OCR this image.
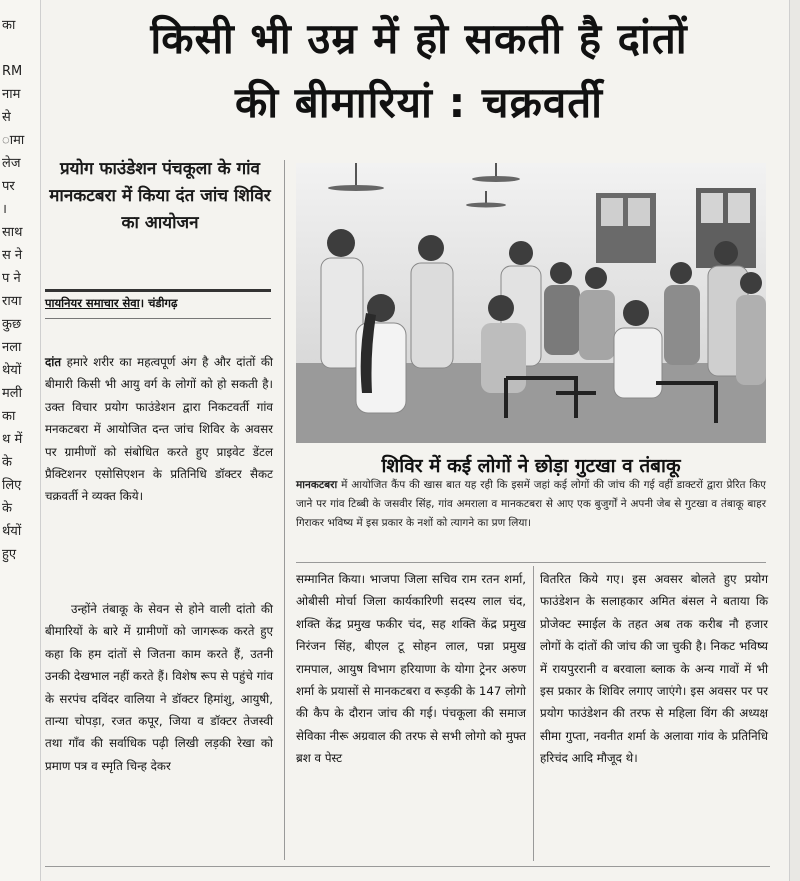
का

RM
नाम
से
ामा
लेज
पर
।
साथ
स ने
प ने
राया
कुछ
नला
थेयों
मली
का
थ में
के
लिए
के
र्थयों
हुए
किसी भी उम्र में हो सकती है दांतों
की बीमारियां : चक्रवर्ती
प्रयोग फाउंडेशन पंचकूला के गांव मानकटबरा में किया दंत जांच शिविर का आयोजन
पायनियर समाचार सेवा। चंडीगढ़
शिविर में कई लोगों ने छोड़ा गुटखा व तंबाकू
मानकटबरा में आयोजित कैंप की खास बात यह रही कि इसमें जहां कई लोगों की जांच की गई वहीं डाक्टरों द्वारा प्रेरित किए जाने पर गांव टिब्बी के जसवीर सिंह, गांव अमराला व मानकटबरा से आए एक बुजुर्गों ने अपनी जेब से गुटखा व तंबाकू बाहर गिराकर भविष्य में इस प्रकार के नशों को त्यागने का प्रण लिया।
दांत हमारे शरीर का महत्वपूर्ण अंग है और दांतों की बीमारी किसी भी आयु वर्ग के लोगों को हो सकती है। उक्त विचार प्रयोग फाउंडेशन द्वारा निकटवर्ती गांव मनकटबरा में आयोजित दन्त जांच शिविर के अवसर पर ग्रामीणों को संबोधित करते हुए प्राइवेट डेंटल प्रैक्टिशनर एसोसिएशन के प्रतिनिधि डॉक्टर सैकट चक्रवर्ती ने व्यक्त किये।
उन्होंने तंबाकू के सेवन से होने वाली दांतो की बीमारियों के बारे में ग्रामीणों को जागरूक करते हुए कहा कि हम दांतों से जितना काम करते हैं, उतनी उनकी देखभाल नहीं करते हैं। विशेष रूप से पहुंचे गांव के सरपंच दविंदर वालिया ने डॉक्टर हिमांशु, आयुषी, तान्या चोपड़ा, रजत कपूर, जिया व डॉक्टर तेजस्वी तथा गाँव की सर्वाधिक पढ़ी लिखी लड़की रेखा को प्रमाण पत्र व स्मृति चिन्ह देकर
सम्मानित किया। भाजपा जिला सचिव राम रतन शर्मा, ओबीसी मोर्चा जिला कार्यकारिणी सदस्य लाल चंद, शक्ति केंद्र प्रमुख फकीर चंद, सह शक्ति केंद्र प्रमुख निरंजन सिंह, बीएल टू सोहन लाल, पन्ना प्रमुख रामपाल, आयुष विभाग हरियाणा के योगा ट्रेनर अरुण शर्मा के प्रयासों से मानकटबरा व रूड़की के 147 लोगो की कैप के दौरान जांच की गई। पंचकूला की समाज सेविका नीरू अग्रवाल की तरफ से सभी लोगो को मुफ्त ब्रश व पेस्ट
वितरित किये गए। इस अवसर बोलते हुए प्रयोग फाउंडेशन के सलाहकार अमित बंसल ने बताया कि प्रोजेक्ट स्माईल के तहत अब तक करीब नौ हजार लोगों के दांतों की जांच की जा चुकी है। निकट भविष्य में रायपुररानी व बरवाला ब्लाक के अन्य गावों में भी इस प्रकार के शिविर लगाए जाएंगे। इस अवसर पर पर प्रयोग फाउंडेशन की तरफ से महिला विंग की अध्यक्ष सीमा गुप्ता, नवनीत शर्मा के अलावा गांव के प्रतिनिधि हरिचंद आदि मौजूद थे।
